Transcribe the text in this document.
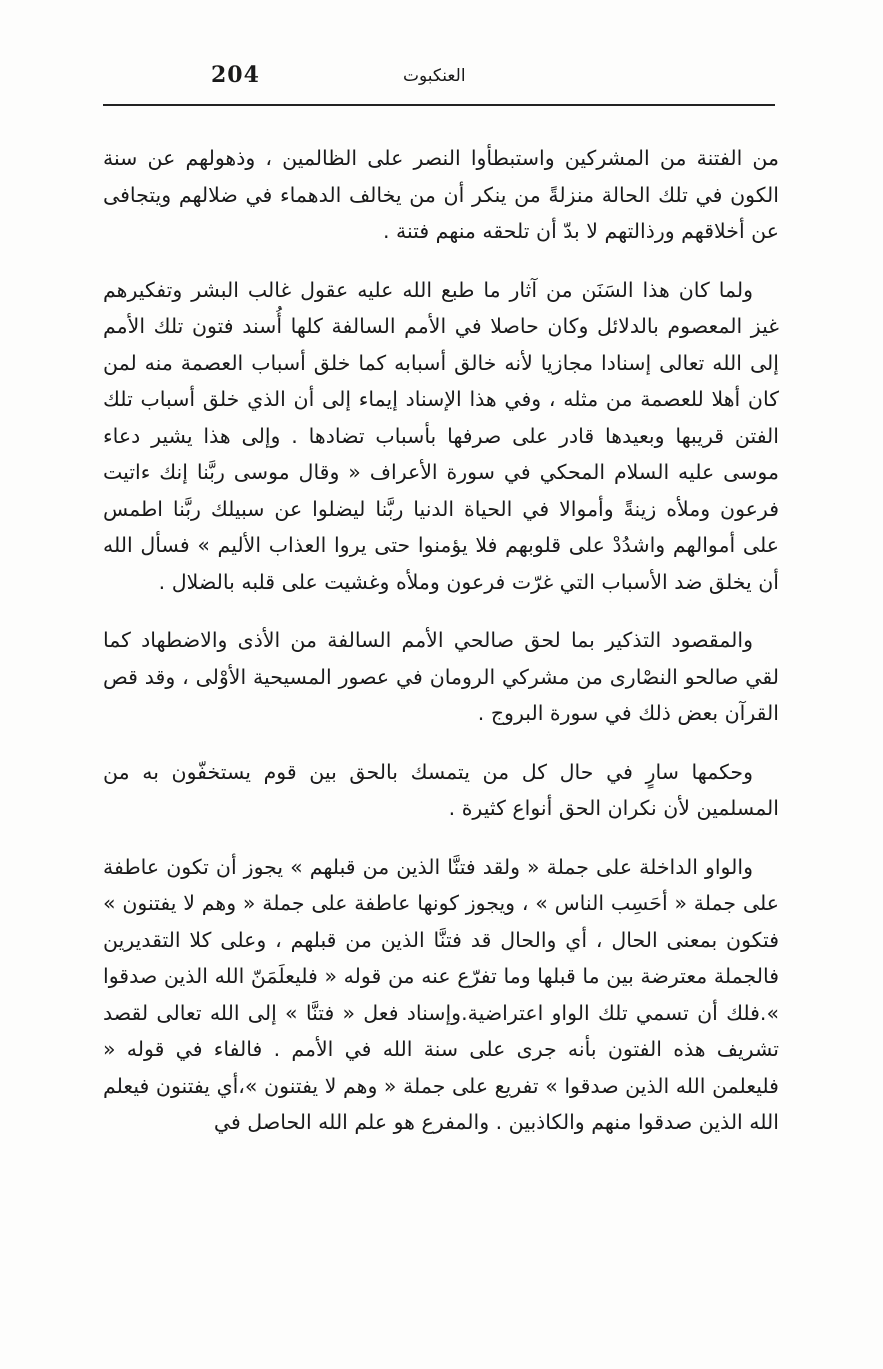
204	العنكبوت

من الفتنة من المشركين واستبطأوا النصر على الظالمين ، وذهولهم عن سنة الكون في تلك الحالة منزلةً من ينكر أن من يخالف الدهماء في ضلالهم ويتجافى عن أخلاقهم ورذالتهم لا بدّ أن تلحقه منهم فتنة .

ولما كان هذا السَنَن من آثار ما طبع الله عليه عقول غالب البشر وتفكيرهم غيز المعصوم بالدلائل وكان حاصلا في الأمم السالفة كلها أُسند فتون تلك الأمم إلى الله تعالى إسنادا مجازيا لأنه خالق أسبابه كما خلق أسباب العصمة منه لمن كان أهلا للعصمة من مثله ، وفي هذا الإسناد إيماء إلى أن الذي خلق أسباب تلك الفتن قريبها وبعيدها قادر على صرفها بأسباب تضادها . وإلى هذا يشير دعاء موسى عليه السلام المحكي في سورة الأعراف « وقال موسى ربَّنا إنك ءاتيت فرعون وملأه زينةً وأموالا في الحياة الدنيا ربَّنا ليضلوا عن سبيلك ربَّنا اطمس على أموالهم واشدُدْ على قلوبهم فلا يؤمنوا حتى يروا العذاب الأليم » فسأل الله أن يخلق ضد الأسباب التي غرّت فرعون وملأه وغشيت على قلبه بالضلال .

والمقصود التذكير بما لحق صالحي الأمم السالفة من الأذى والاضطهاد كما لقي صالحو النصْارى من مشركي الرومان في عصور المسيحية الأوْلى ، وقد قص القرآن بعض ذلك في سورة البروج .

وحكمها سارٍ في حال كل من يتمسك بالحق بين قوم يستخفّون به من المسلمين لأن نكران الحق أنواع كثيرة .

والواو الداخلة على جملة « ولقد فتنَّا الذين من قبلهم » يجوز أن تكون عاطفة على جملة « أحَسِب الناس » ، ويجوز كونها عاطفة على جملة « وهم لا يفتنون » فتكون بمعنى الحال ، أي والحال قد فتنَّا الذين من قبلهم ، وعلى كلا التقديرين فالجملة معترضة بين ما قبلها وما تفرّع عنه من قوله « فليعلَمَنّ الله الذين صدقوا ».فلك أن تسمي تلك الواو اعتراضية.وإسناد فعل « فتنَّا » إلى الله تعالى لقصد تشريف هذه الفتون بأنه جرى على سنة الله في الأمم . فالفاء في قوله « فليعلمن الله الذين صدقوا » تفريع على جملة « وهم لا يفتنون »،أي يفتنون فيعلم الله الذين صدقوا منهم والكاذبين . والمفرع هو علم الله الحاصل في
